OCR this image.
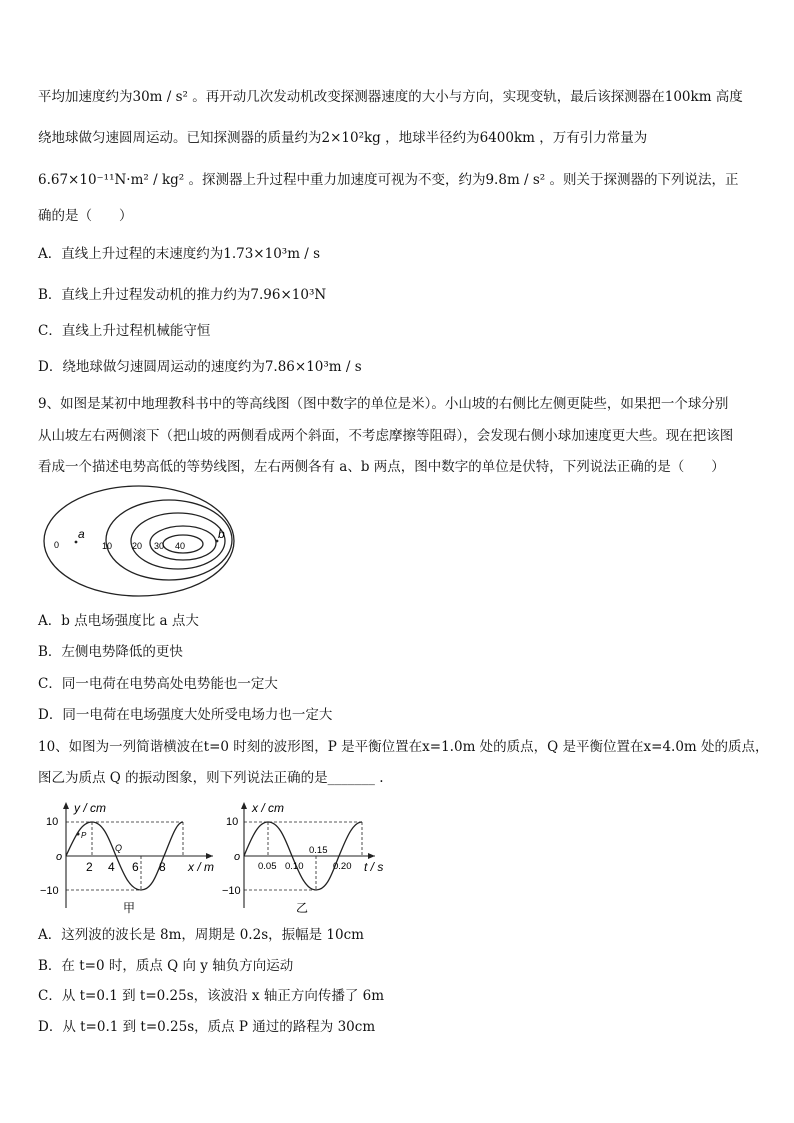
平均加速度约为30m / s² 。再开动几次发动机改变探测器速度的大小与方向，实现变轨，最后该探测器在100km 高度
绕地球做匀速圆周运动。已知探测器的质量约为2×10²kg ，地球半径约为6400km ，万有引力常量为
6.67×10⁻¹¹N·m² / kg² 。探测器上升过程中重力加速度可视为不变，约为9.8m / s² 。则关于探测器的下列说法，正
确的是（　　）
A．直线上升过程的末速度约为1.73×10³m / s
B．直线上升过程发动机的推力约为7.96×10³N
C．直线上升过程机械能守恒
D．绕地球做匀速圆周运动的速度约为7.86×10³m / s
9、如图是某初中地理教科书中的等高线图（图中数字的单位是米）。小山坡的右侧比左侧更陡些，如果把一个球分别
从山坡左右两侧滚下（把山坡的两侧看成两个斜面，不考虑摩擦等阻碍），会发现右侧小球加速度更大些。现在把该图
看成一个描述电势高低的等势线图，左右两侧各有 a、b 两点，图中数字的单位是伏特，下列说法正确的是（　　）
0	10 20 30 40
a	b
A．b 点电场强度比 a 点大
B．左侧电势降低的更快
C．同一电荷在电势高处电势能也一定大
D．同一电荷在电场强度大处所受电场力也一定大
10、如图为一列简谐横波在t=0 时刻的波形图，P 是平衡位置在x=1.0m 处的质点，Q 是平衡位置在x=4.0m 处的质点，
图乙为质点 Q 的振动图象，则下列说法正确的是_______ .
y / cm
x / m
o
10
−10
2 4 6 8
P
Q
甲
x / cm
t / s
o
10
−10
0.05 0.10
0.15
0.20
乙
A．这列波的波长是 8m，周期是 0.2s，振幅是 10cm
B．在 t=0 时，质点 Q 向 y 轴负方向运动
C．从 t=0.1 到 t=0.25s，该波沿 x 轴正方向传播了 6m
D．从 t=0.1 到 t=0.25s，质点 P 通过的路程为 30cm
